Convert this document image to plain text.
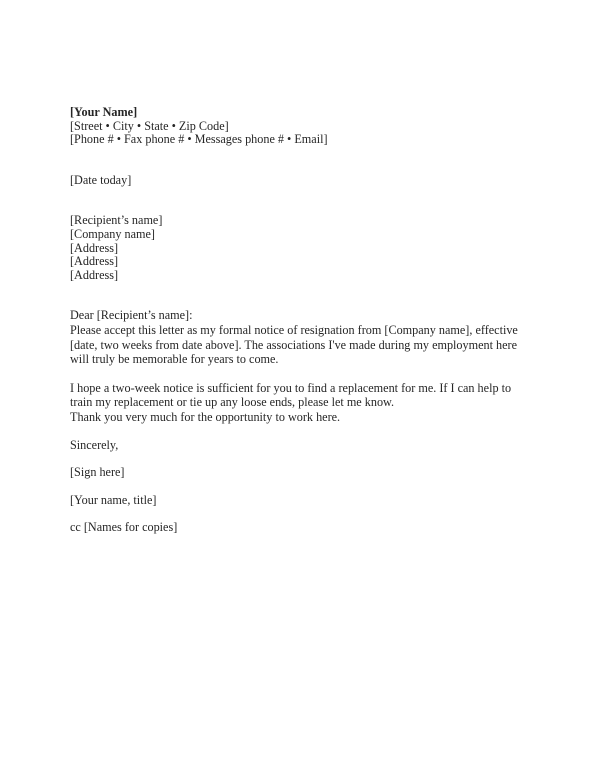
[Your Name]
[Street • City • State • Zip Code]
[Phone # • Fax phone # • Messages phone # • Email]
[Date today]
[Recipient’s name]
[Company name]
[Address]
[Address]
[Address]
Dear [Recipient’s name]:

Please accept this letter as my formal notice of resignation from [Company name], effective [date, two weeks from date above]. The associations I've made during my employment here will truly be memorable for years to come.

I hope a two-week notice is sufficient for you to find a replacement for me. If I can help to train my replacement or tie up any loose ends, please let me know.

Thank you very much for the opportunity to work here.

Sincerely,
[Sign here]
[Your name, title]
cc [Names for copies]
